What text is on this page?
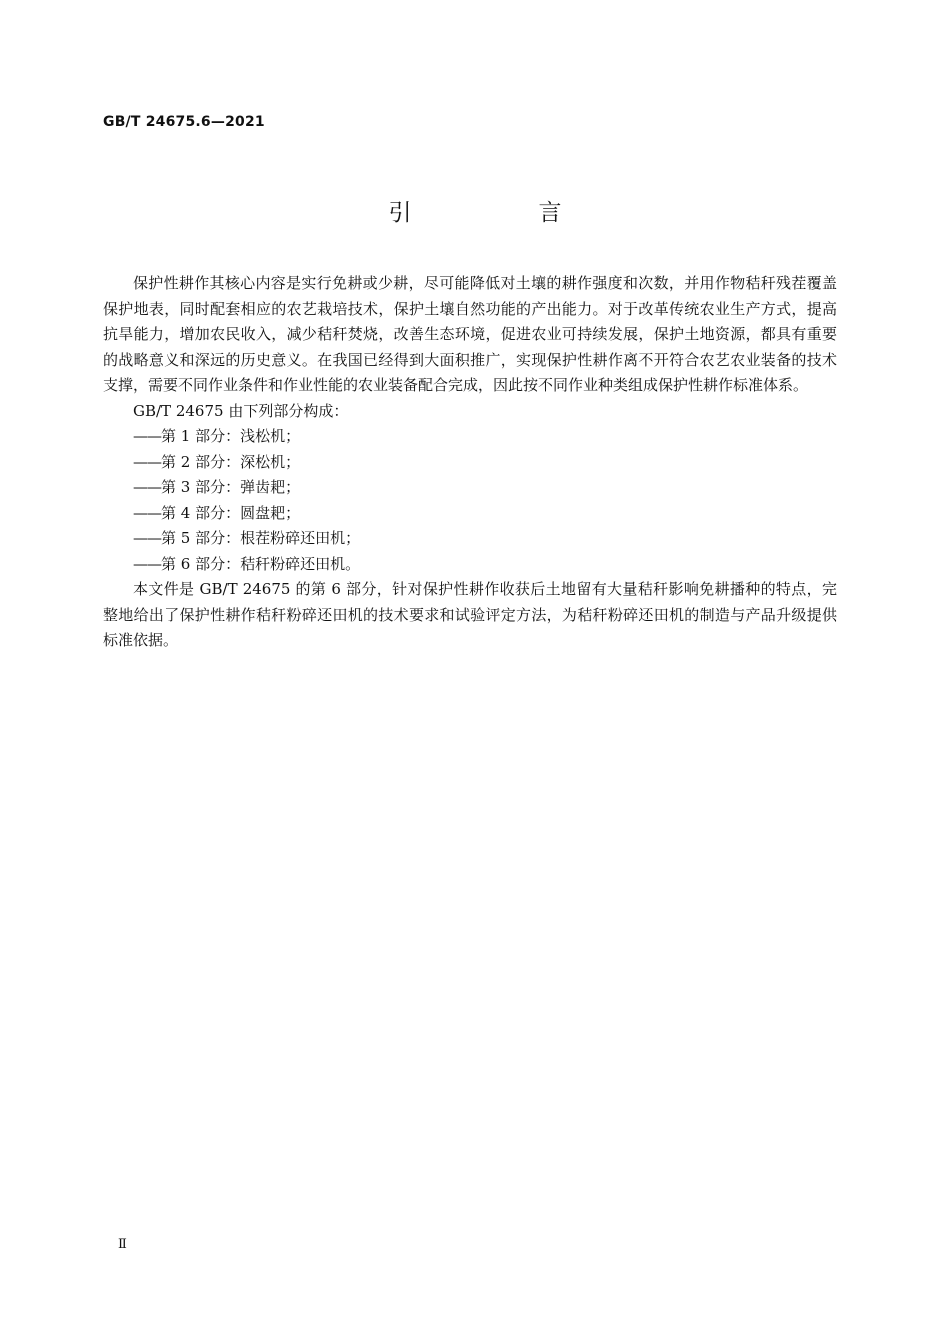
GB/T 24675.6—2021
引　言

保护性耕作其核心内容是实行免耕或少耕，尽可能降低对土壤的耕作强度和次数，并用作物秸秆残茬覆盖保护地表，同时配套相应的农艺栽培技术，保护土壤自然功能的产出能力。对于改革传统农业生产方式，提高抗旱能力，增加农民收入，减少秸秆焚烧，改善生态环境，促进农业可持续发展，保护土地资源，都具有重要的战略意义和深远的历史意义。在我国已经得到大面积推广，实现保护性耕作离不开符合农艺农业装备的技术支撑，需要不同作业条件和作业性能的农业装备配合完成，因此按不同作业种类组成保护性耕作标准体系。

GB/T 24675 由下列部分构成：

——第 1 部分：浅松机；
——第 2 部分：深松机；
——第 3 部分：弹齿耙；
——第 4 部分：圆盘耙；
——第 5 部分：根茬粉碎还田机；
——第 6 部分：秸秆粉碎还田机。

本文件是 GB/T 24675 的第 6 部分，针对保护性耕作收获后土地留有大量秸秆影响免耕播种的特点，完整地给出了保护性耕作秸秆粉碎还田机的技术要求和试验评定方法，为秸秆粉碎还田机的制造与产品升级提供标准依据。

Ⅱ
